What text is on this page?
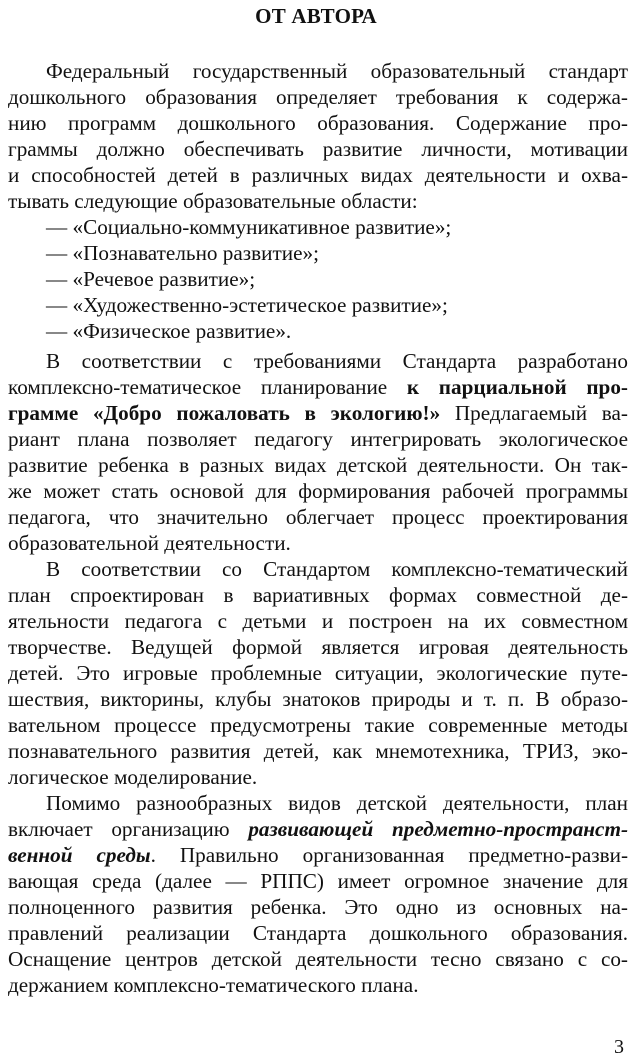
ОТ АВТОРА
Федеральный государственный образовательный стандарт
дошкольного образования определяет требования к содержа-
нию программ дошкольного образования. Содержание про-
граммы должно обеспечивать развитие личности, мотивации
и способностей детей в различных видах деятельности и охва-
тывать следующие образовательные области:
— «Социально-коммуникативное развитие»;
— «Познавательно развитие»;
— «Речевое развитие»;
— «Художественно-эстетическое развитие»;
— «Физическое развитие».
В соответствии с требованиями Стандарта разработано
комплексно-тематическое планирование к парциальной про-
грамме «Добро пожаловать в экологию!» Предлагаемый ва-
риант плана позволяет педагогу интегрировать экологическое
развитие ребенка в разных видах детской деятельности. Он так-
же может стать основой для формирования рабочей программы
педагога, что значительно облегчает процесс проектирования
образовательной деятельности.
В соответствии со Стандартом комплексно-тематический
план спроектирован в вариативных формах совместной де-
ятельности педагога с детьми и построен на их совместном
творчестве. Ведущей формой является игровая деятельность
детей. Это игровые проблемные ситуации, экологические путе-
шествия, викторины, клубы знатоков природы и т. п. В образо-
вательном процессе предусмотрены такие современные методы
познавательного развития детей, как мнемотехника, ТРИЗ, эко-
логическое моделирование.
Помимо разнообразных видов детской деятельности, план
включает организацию развивающей предметно-пространст-
венной среды. Правильно организованная предметно-разви-
вающая среда (далее — РППС) имеет огромное значение для
полноценного развития ребенка. Это одно из основных на-
правлений реализации Стандарта дошкольного образования.
Оснащение центров детской деятельности тесно связано с со-
держанием комплексно-тематического плана.
3
